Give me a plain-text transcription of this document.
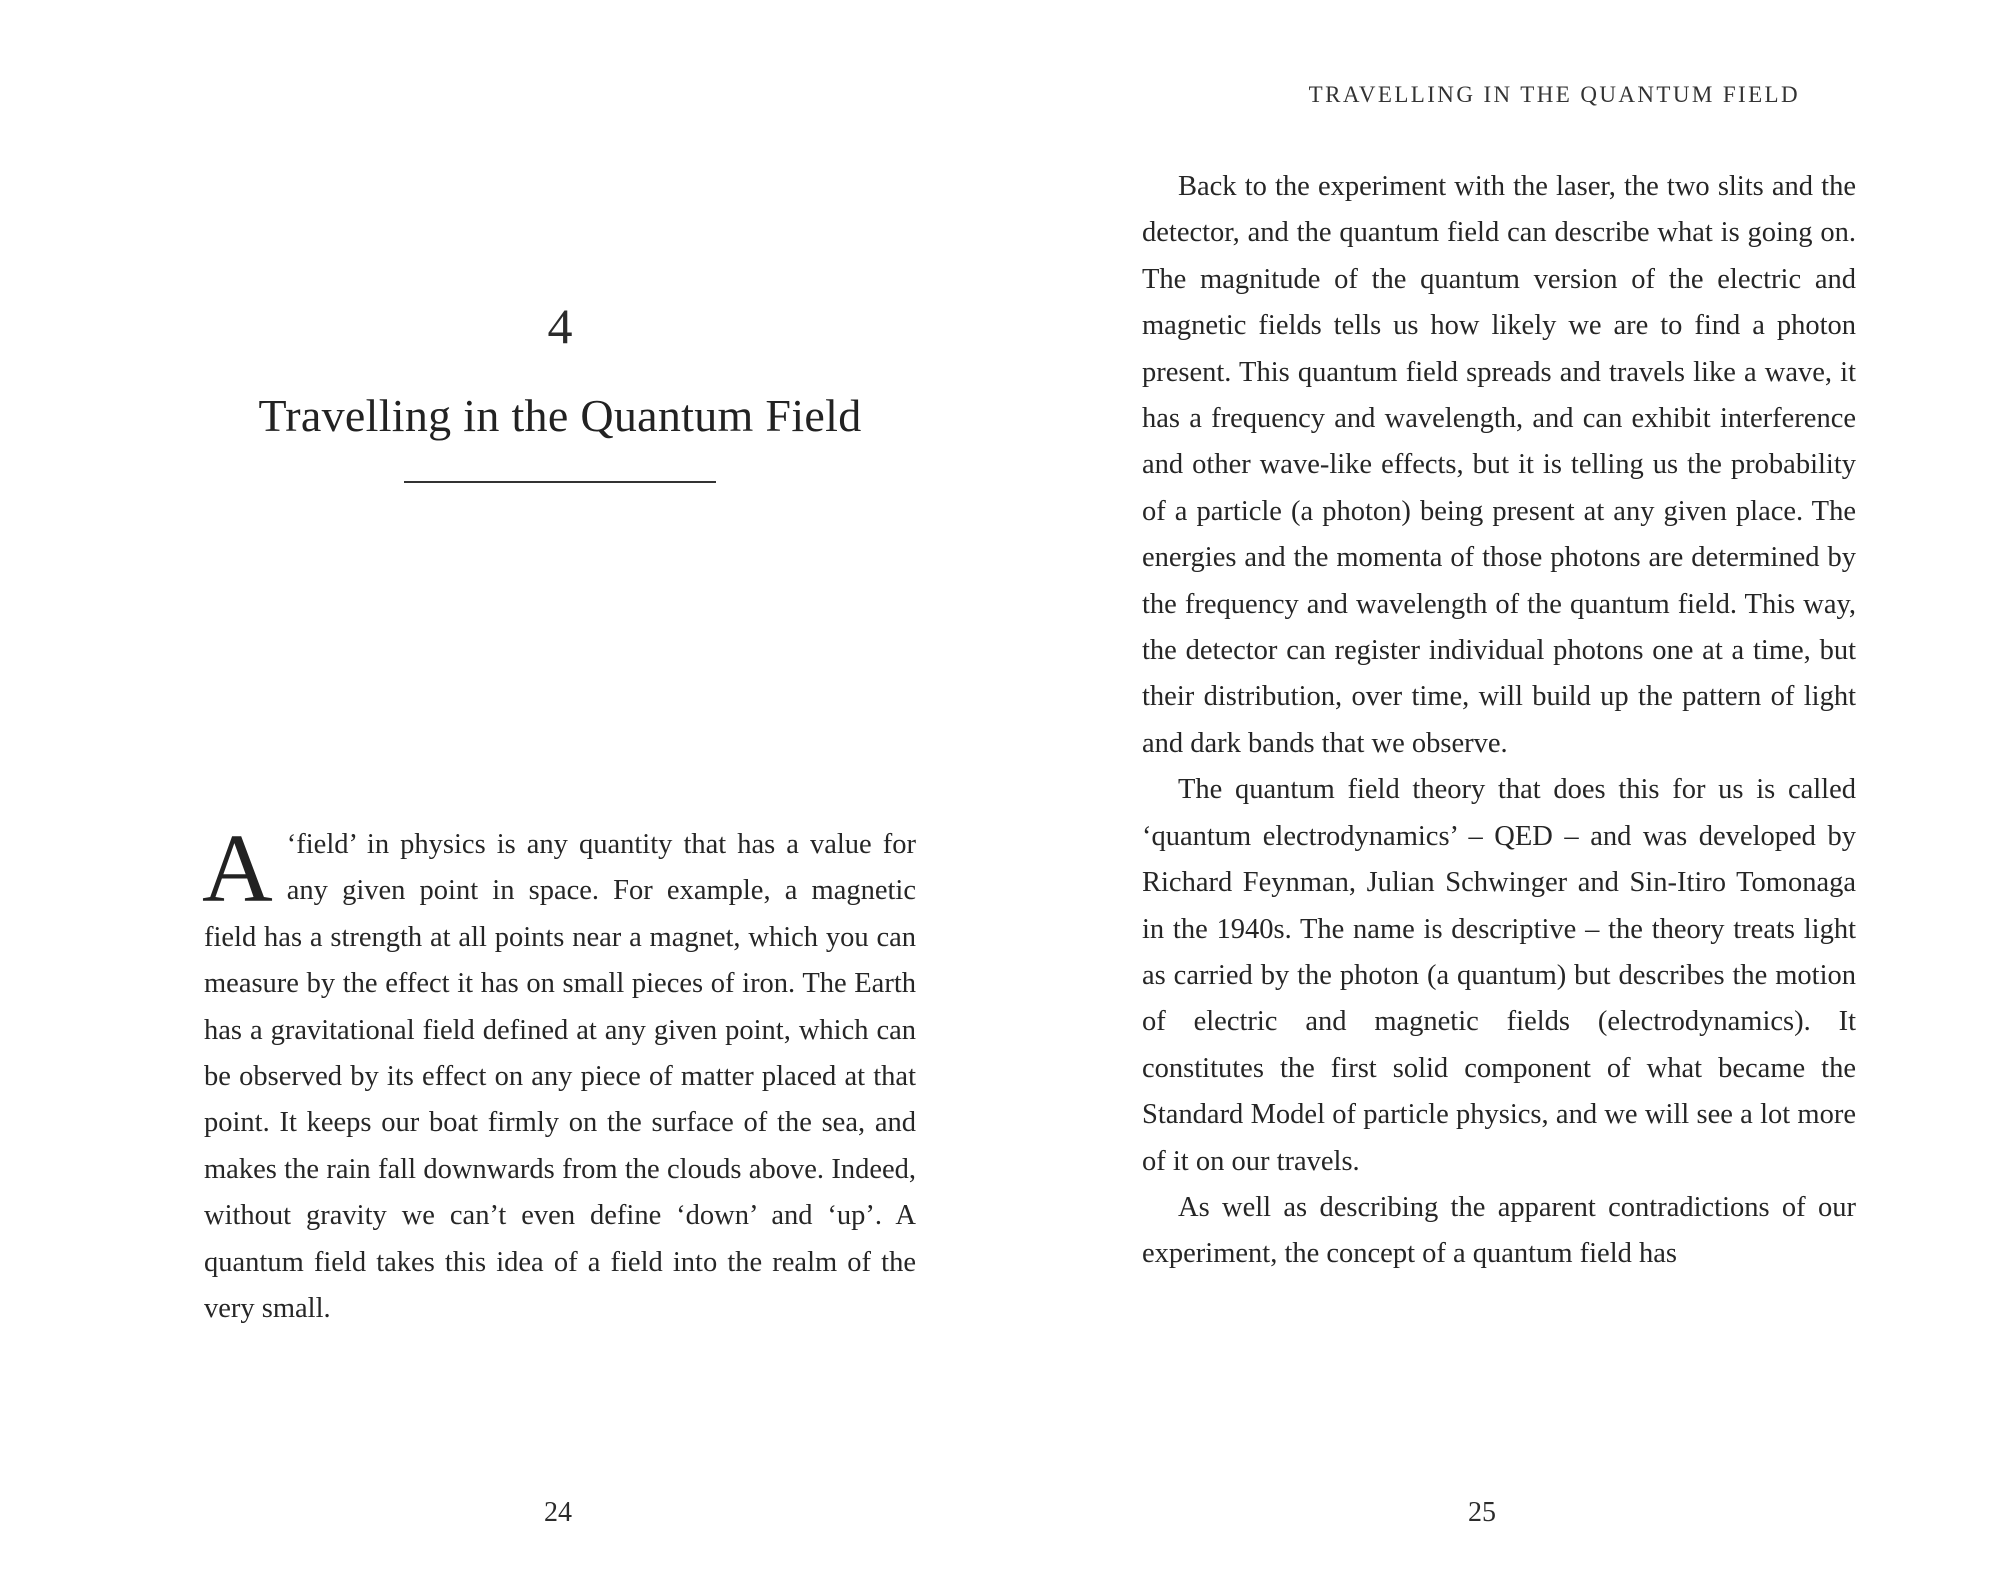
4
Travelling in the Quantum Field
A ‘field’ in physics is any quantity that has a value for any given point in space. For example, a magnetic field has a strength at all points near a magnet, which you can measure by the effect it has on small pieces of iron. The Earth has a gravitational field defined at any given point, which can be observed by its effect on any piece of matter placed at that point. It keeps our boat firmly on the surface of the sea, and makes the rain fall downwards from the clouds above. Indeed, without gravity we can’t even define ‘down’ and ‘up’. A quantum field takes this idea of a field into the realm of the very small.
24
TRAVELLING IN THE QUANTUM FIELD

Back to the experiment with the laser, the two slits and the detector, and the quantum field can describe what is going on. The magnitude of the quantum version of the electric and magnetic fields tells us how likely we are to find a photon present. This quantum field spreads and travels like a wave, it has a frequency and wavelength, and can exhibit interference and other wave-like effects, but it is telling us the probability of a particle (a photon) being present at any given place. The energies and the momenta of those photons are determined by the frequency and wavelength of the quantum field. This way, the detector can register individual photons one at a time, but their distribution, over time, will build up the pattern of light and dark bands that we observe.

The quantum field theory that does this for us is called ‘quantum electrodynamics’ – QED – and was developed by Richard Feynman, Julian Schwinger and Sin-Itiro Tomonaga in the 1940s. The name is descriptive – the theory treats light as carried by the photon (a quantum) but describes the motion of electric and magnetic fields (electrodynamics). It constitutes the first solid component of what became the Standard Model of particle physics, and we will see a lot more of it on our travels.

As well as describing the apparent contradictions of our experiment, the concept of a quantum field has

25
